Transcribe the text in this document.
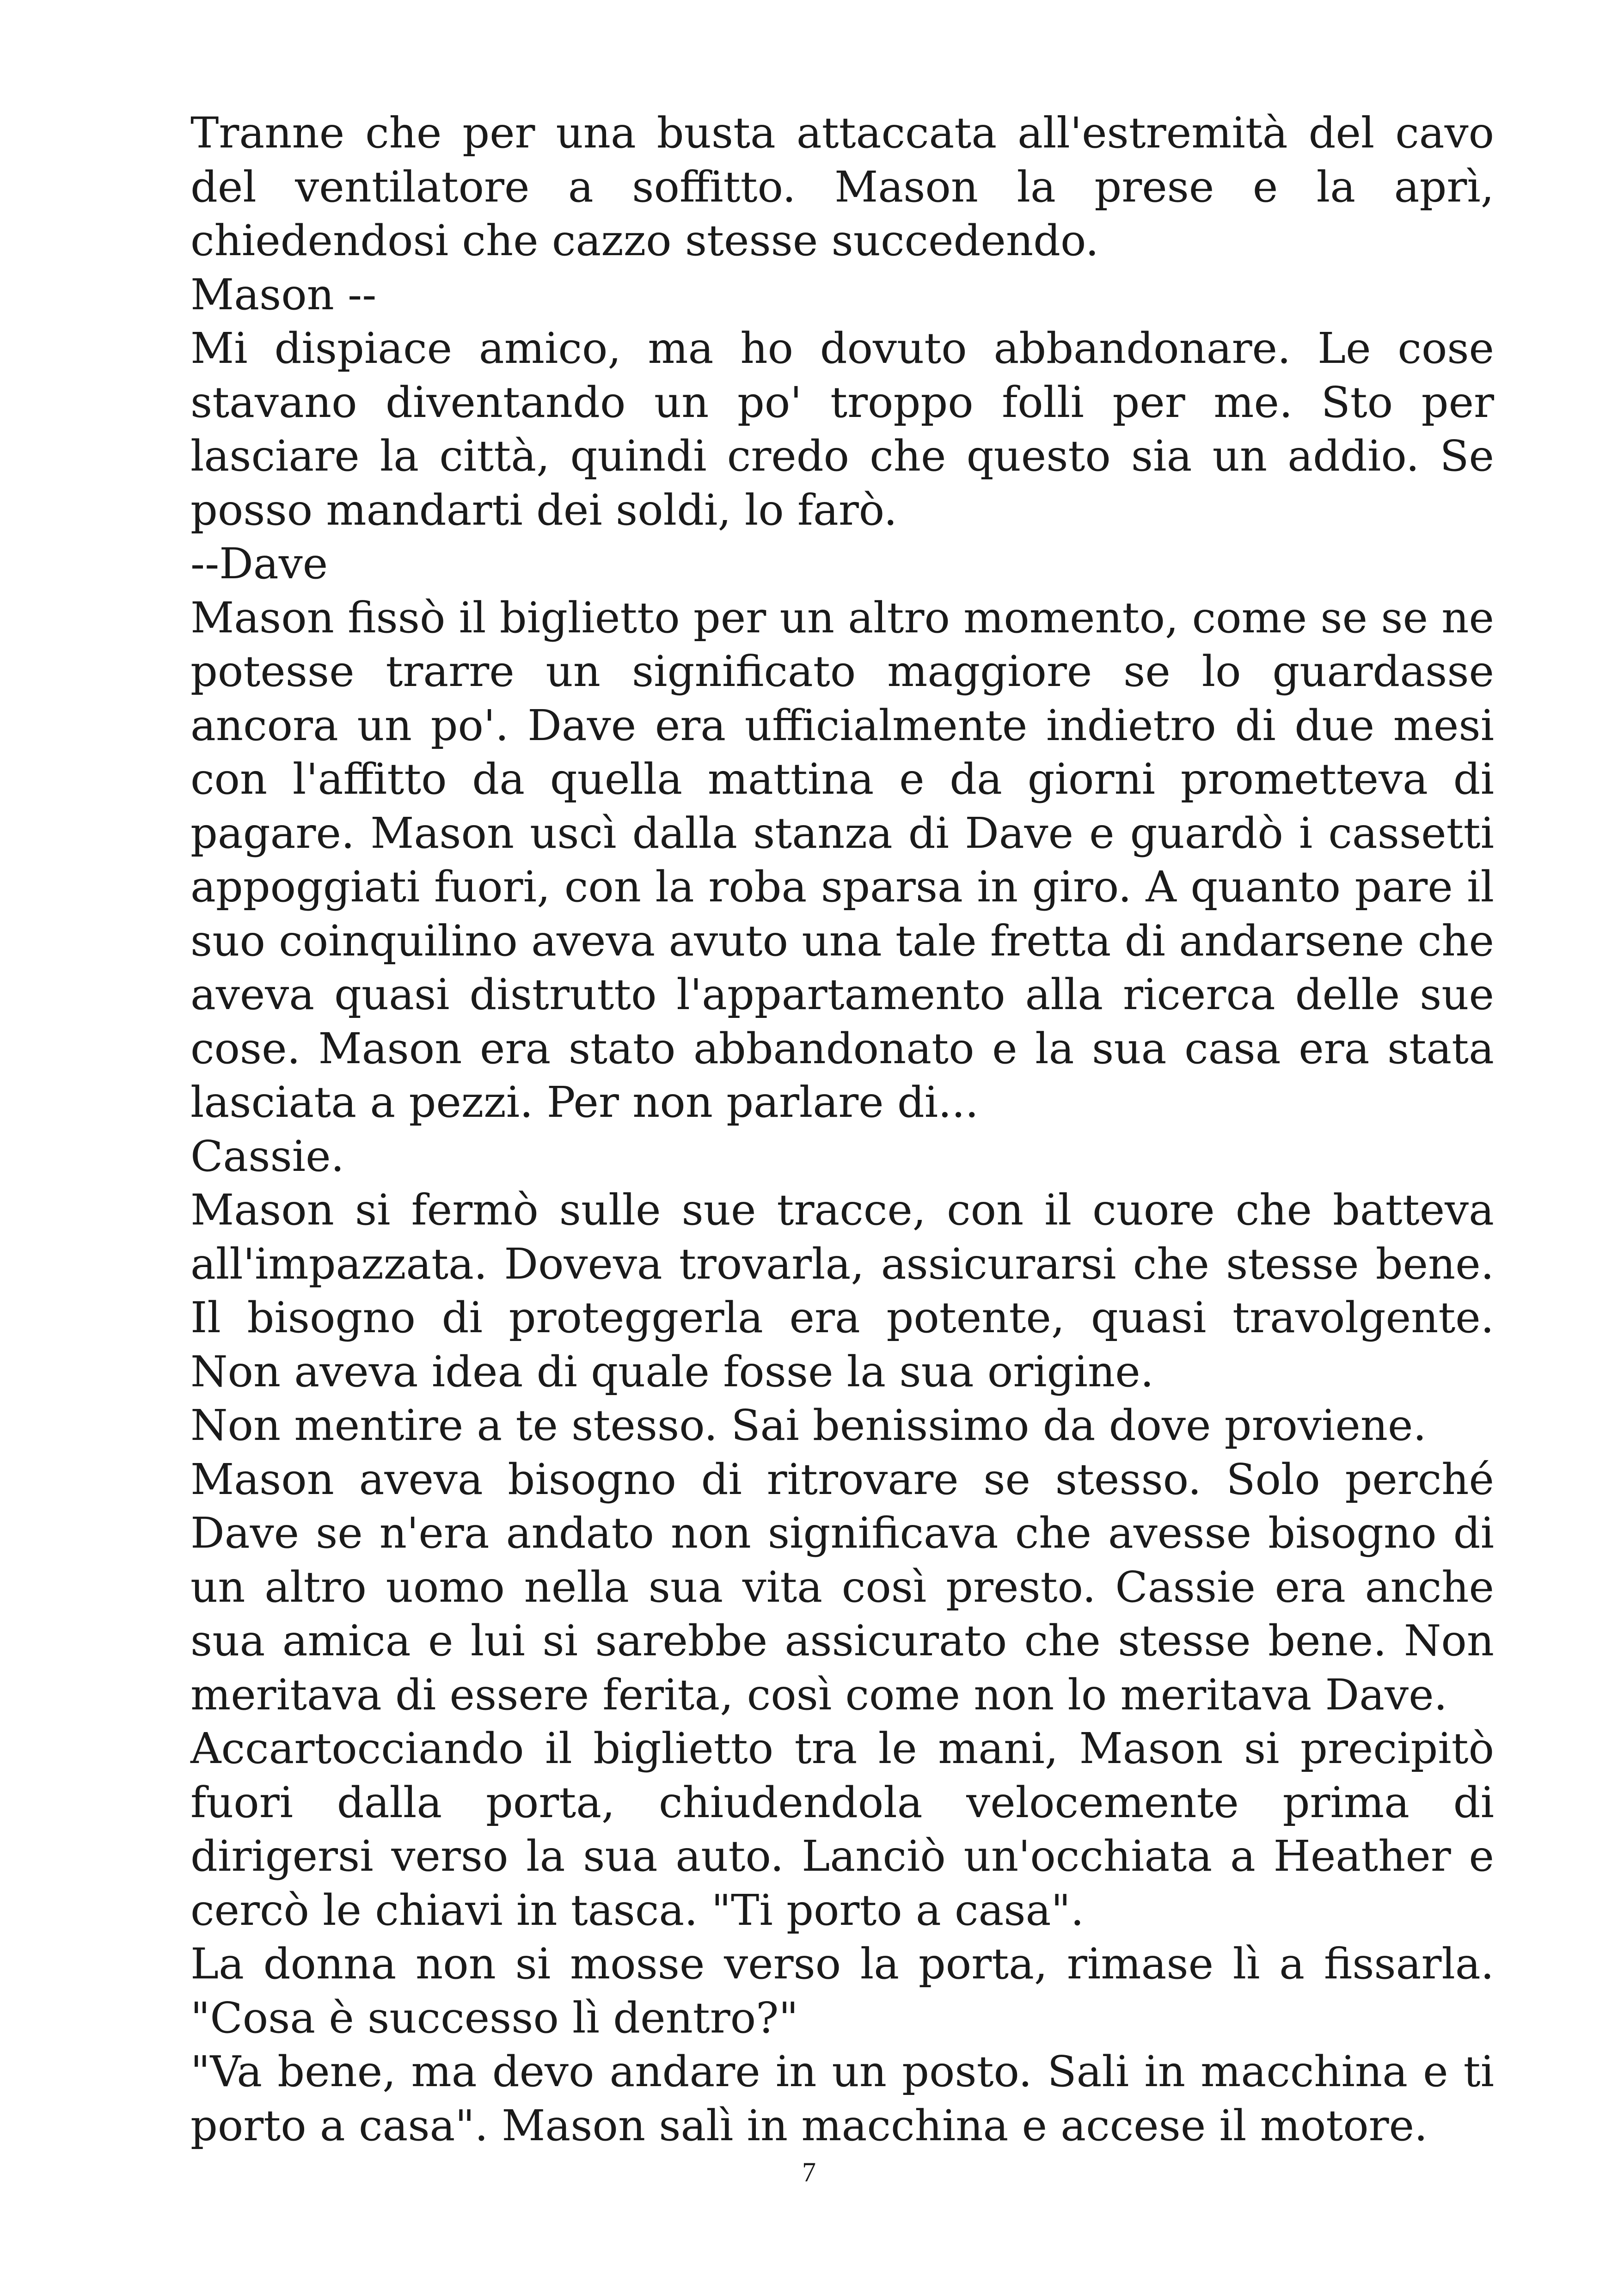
Tranne che per una busta attaccata all'estremità del cavo del ventilatore a soffitto. Mason la prese e la aprì, chiedendosi che cazzo stesse succedendo.

Mason --

Mi dispiace amico, ma ho dovuto abbandonare. Le cose stavano diventando un po' troppo folli per me. Sto per lasciare la città, quindi credo che questo sia un addio. Se posso mandarti dei soldi, lo farò.

--Dave

Mason fissò il biglietto per un altro momento, come se se ne potesse trarre un significato maggiore se lo guardasse ancora un po'. Dave era ufficialmente indietro di due mesi con l'affitto da quella mattina e da giorni prometteva di pagare. Mason uscì dalla stanza di Dave e guardò i cassetti appoggiati fuori, con la roba sparsa in giro. A quanto pare il suo coinquilino aveva avuto una tale fretta di andarsene che aveva quasi distrutto l'appartamento alla ricerca delle sue cose. Mason era stato abbandonato e la sua casa era stata lasciata a pezzi. Per non parlare di...

Cassie.

Mason si fermò sulle sue tracce, con il cuore che batteva all'impazzata. Doveva trovarla, assicurarsi che stesse bene. Il bisogno di proteggerla era potente, quasi travolgente. Non aveva idea di quale fosse la sua origine.

Non mentire a te stesso. Sai benissimo da dove proviene.

Mason aveva bisogno di ritrovare se stesso. Solo perché Dave se n'era andato non significava che avesse bisogno di un altro uomo nella sua vita così presto. Cassie era anche sua amica e lui si sarebbe assicurato che stesse bene. Non meritava di essere ferita, così come non lo meritava Dave.

Accartocciando il biglietto tra le mani, Mason si precipitò fuori dalla porta, chiudendola velocemente prima di dirigersi verso la sua auto. Lanciò un'occhiata a Heather e cercò le chiavi in tasca. "Ti porto a casa".

La donna non si mosse verso la porta, rimase lì a fissarla. "Cosa è successo lì dentro?"

"Va bene, ma devo andare in un posto. Sali in macchina e ti porto a casa". Mason salì in macchina e accese il motore.

7
